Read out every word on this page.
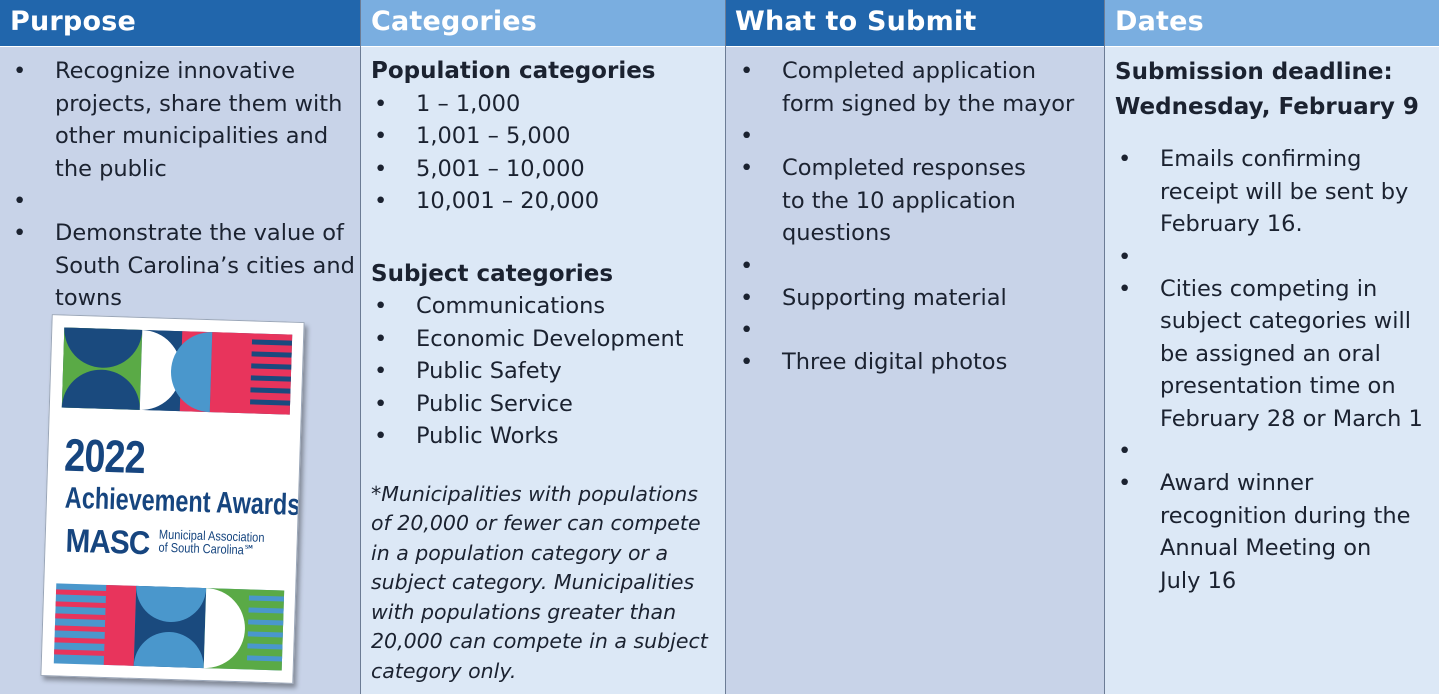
Purpose
• Recognize innovative projects, share them with other municipalities and the public
•
• Demonstrate the value of South Carolina’s cities and towns
2022
Achievement Awards
MASC Municipal Association
of South Carolina℠
Categories
Population categories
• 1 – 1,000
• 1,001 – 5,000
• 5,001 – 10,000
• 10,001 – 20,000
Subject categories
• Communications
• Economic Development
• Public Safety
• Public Service
• Public Works
*Municipalities with populations of 20,000 or fewer can compete in a population category or a subject category. Municipalities with populations greater than 20,000 can compete in a subject category only.
What to Submit
• Completed application form signed by the mayor
•
• Completed responses to the 10 application questions
•
• Supporting material
•
• Three digital photos
Dates
Submission deadline:
Wednesday, February 9
• Emails confirming receipt will be sent by February 16.
•
• Cities competing in subject categories will be assigned an oral presentation time on February 28 or March 1
•
• Award winner recognition during the Annual Meeting on July 16
